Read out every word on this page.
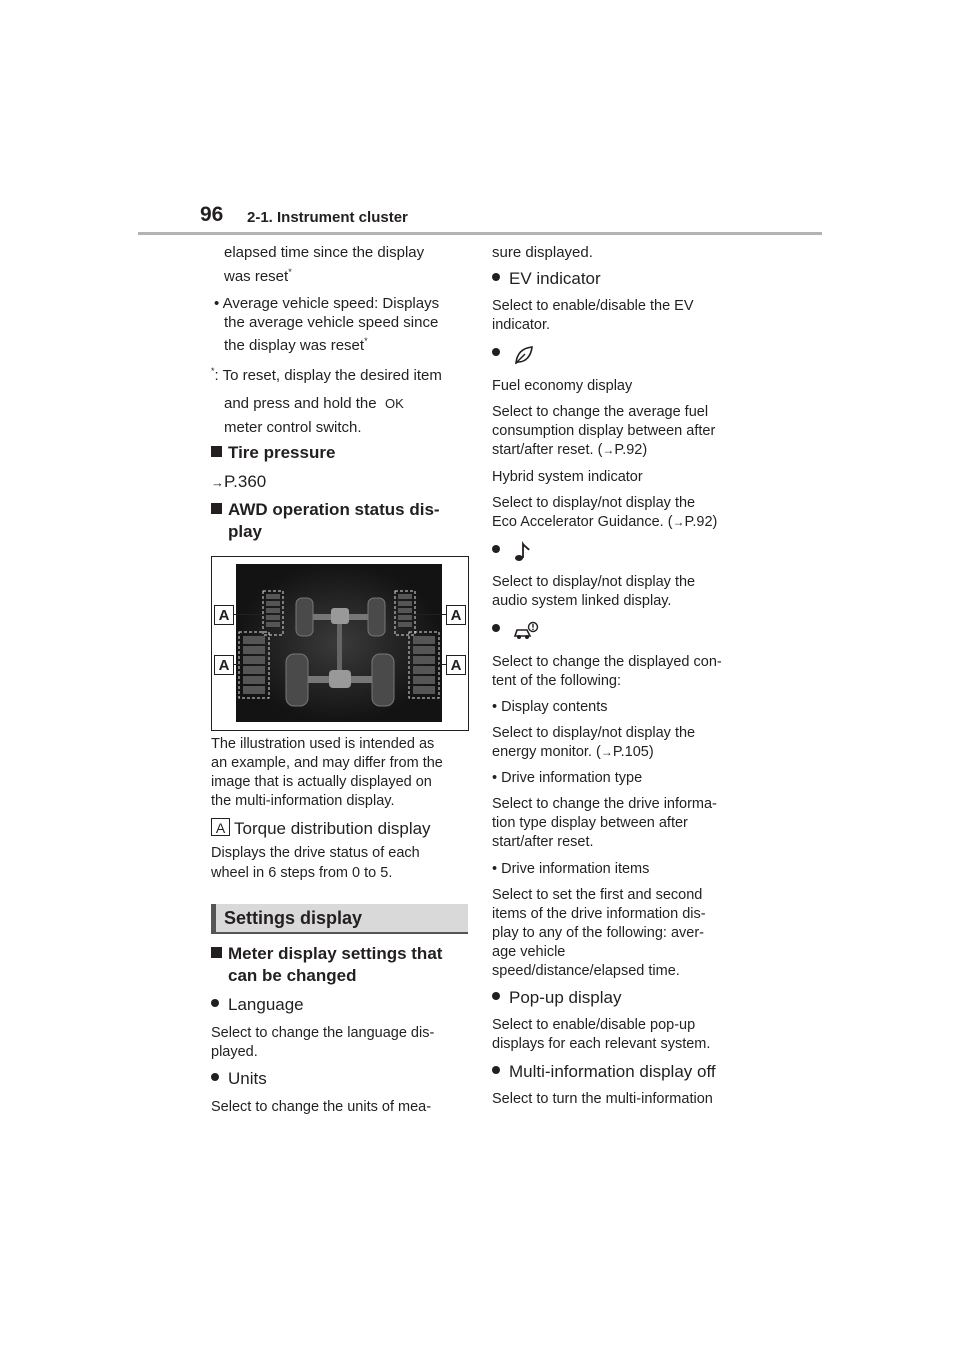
96 2-1. Instrument cluster
elapsed time since the display
was reset*
• Average vehicle speed: Displays
the average vehicle speed since
the display was reset*
*: To reset, display the desired item
and press and hold the OK
meter control switch.
Tire pressure
→P.360
AWD operation status dis-
play
A	A
A	A
The illustration used is intended as
an example, and may differ from the
image that is actually displayed on
the multi-information display.
A Torque distribution display
Displays the drive status of each
wheel in 6 steps from 0 to 5.
Settings display
Meter display settings that
can be changed
Language
Select to change the language dis-
played.
Units
Select to change the units of mea-
sure displayed.
EV indicator
Select to enable/disable the EV
indicator.

Fuel economy display
Select to change the average fuel
consumption display between after
start/after reset. (→P.92)
Hybrid system indicator
Select to display/not display the
Eco Accelerator Guidance. (→P.92)

Select to display/not display the
audio system linked display.

Select to change the displayed con-
tent of the following:
• Display contents
Select to display/not display the
energy monitor. (→P.105)
• Drive information type
Select to change the drive informa-
tion type display between after
start/after reset.
• Drive information items
Select to set the first and second
items of the drive information dis-
play to any of the following: aver-
age vehicle
speed/distance/elapsed time.
Pop-up display
Select to enable/disable pop-up
displays for each relevant system.
Multi-information display off
Select to turn the multi-information
